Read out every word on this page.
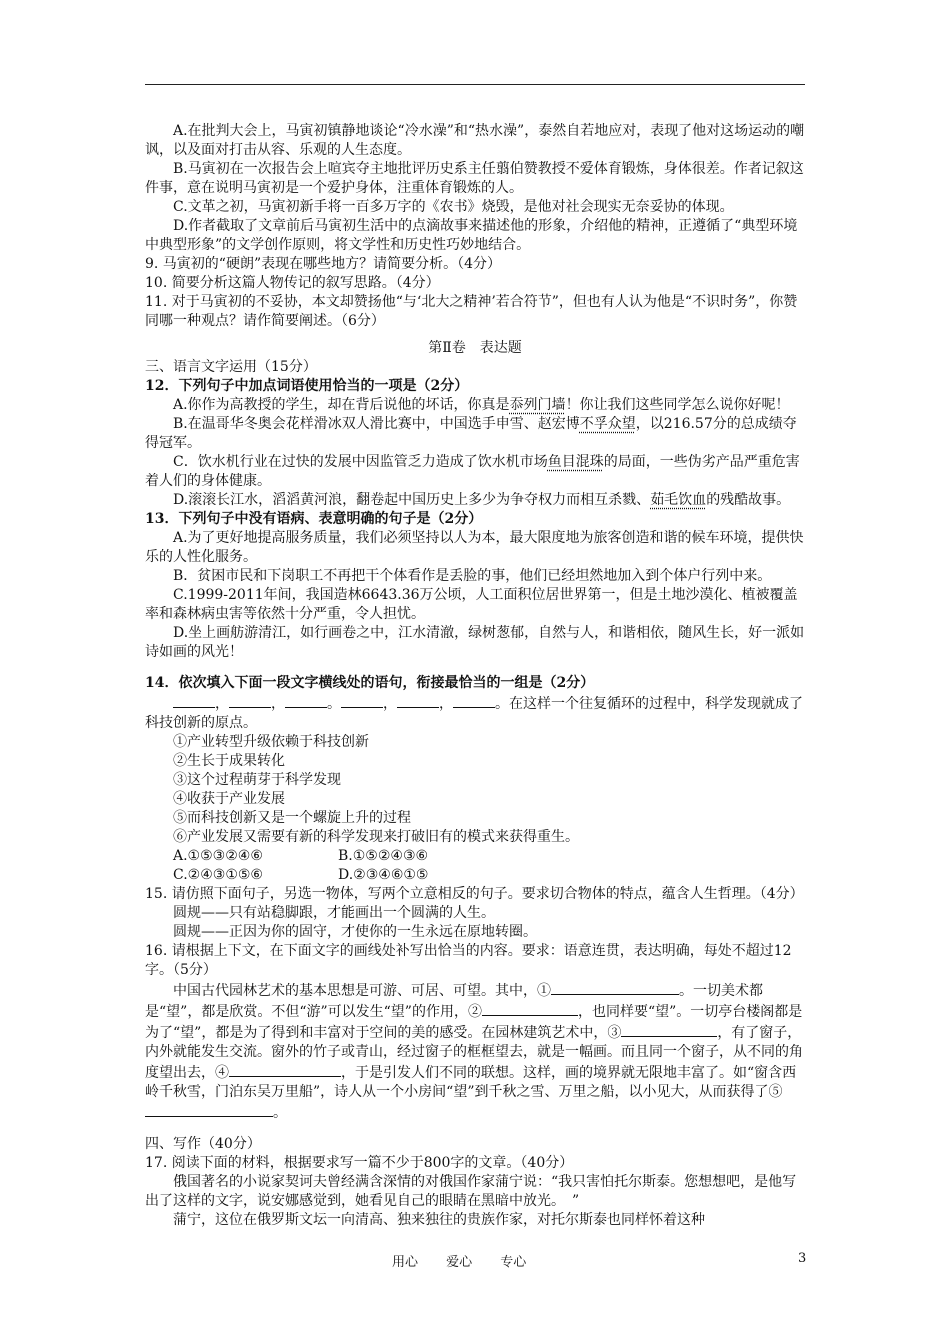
A.在批判大会上，马寅初镇静地谈论“冷水澡”和“热水澡”，泰然自若地应对，表现了他对这场运动的嘲讽，以及面对打击从容、乐观的人生态度。

B.马寅初在一次报告会上喧宾夺主地批评历史系主任翦伯赞教授不爱体育锻炼，身体很差。作者记叙这件事，意在说明马寅初是一个爱护身体，注重体育锻炼的人。

C.文革之初，马寅初新手将一百多万字的《农书》烧毁，是他对社会现实无奈妥协的体现。

D.作者截取了文章前后马寅初生活中的点滴故事来描述他的形象，介绍他的精神，正遵循了“典型环境中典型形象”的文学创作原则，将文学性和历史性巧妙地结合。

9. 马寅初的“硬朗”表现在哪些地方？请简要分析。（4分）

10. 简要分析这篇人物传记的叙写思路。（4分）

11. 对于马寅初的不妥协，本文却赞扬他“与‘北大之精神’若合符节”，但也有人认为他是“不识时务”，你赞同哪一种观点？请作简要阐述。（6分）

第Ⅱ卷　表达题

三、语言文字运用（15分）

12．下列句子中加点词语使用恰当的一项是（2分）

A.你作为高教授的学生，却在背后说他的坏话，你真是忝列门墙！你让我们这些同学怎么说你好呢！

B.在温哥华冬奥会花样滑冰双人滑比赛中，中国选手申雪、赵宏博不孚众望，以216.57分的总成绩夺得冠军。

C．饮水机行业在过快的发展中因监管乏力造成了饮水机市场鱼目混珠的局面，一些伪劣产品严重危害着人们的身体健康。

D.滚滚长江水，滔滔黄河浪，翻卷起中国历史上多少为争夺权力而相互杀戮、茹毛饮血的残酷故事。

13．下列句子中没有语病、表意明确的句子是（2分）

A.为了更好地提高服务质量，我们必须坚持以人为本，最大限度地为旅客创造和谐的候车环境，提供快乐的人性化服务。

B．贫困市民和下岗职工不再把干个体看作是丢脸的事，他们已经坦然地加入到个体户行列中来。

C.1999-2011年间，我国造林6643.36万公顷，人工面积位居世界第一，但是土地沙漠化、植被覆盖率和森林病虫害等依然十分严重，令人担忧。

D.坐上画舫游清江，如行画卷之中，江水清澈，绿树葱郁，自然与人，和谐相依，随风生长，好一派如诗如画的风光！

14．依次填入下面一段文字横线处的语句，衔接最恰当的一组是（2分）

，	，	。	，	，	。在这样一个往复循环的过程中，科学发现就成了科技创新的原点。

①产业转型升级依赖于科技创新

②生长于成果转化

③这个过程萌芽于科学发现

④收获于产业发展

⑤而科技创新又是一个螺旋上升的过程

⑥产业发展又需要有新的科学发现来打破旧有的模式来获得重生。

A.①⑤③②④⑥	B.①⑤②④③⑥
C.②④③①⑤⑥	D.②③④⑥①⑤

15. 请仿照下面句子，另选一物体，写两个立意相反的句子。要求切合物体的特点，蕴含人生哲理。（4分）

圆规——只有站稳脚跟，才能画出一个圆满的人生。

圆规——正因为你的固守，才使你的一生永远在原地转圈。

16. 请根据上下文，在下面文字的画线处补写出恰当的内容。要求：语意连贯，表达明确，每处不超过12字。（5分）

中国古代园林艺术的基本思想是可游、可居、可望。其中，①	。一切美术都是“望”，都是欣赏。不但“游”可以发生“望”的作用，②	，也同样要“望”。一切亭台楼阁都是为了“望”，都是为了得到和丰富对于空间的美的感受。在园林建筑艺术中，③	，有了窗子，内外就能发生交流。窗外的竹子或青山，经过窗子的框框望去，就是一幅画。而且同一个窗子，从不同的角度望出去，④	，于是引发人们不同的联想。这样，画的境界就无限地丰富了。如“窗含西岭千秋雪，门泊东吴万里船”，诗人从一个小房间“望”到千秋之雪、万里之船，以小见大，从而获得了⑤。

四、写作（40分）

17. 阅读下面的材料，根据要求写一篇不少于800字的文章。（40分）

俄国著名的小说家契诃夫曾经满含深情的对俄国作家蒲宁说：“我只害怕托尔斯泰。您想想吧，是他写出了这样的文字，说安娜感觉到，她看见自己的眼睛在黑暗中放光。　”

蒲宁，这位在俄罗斯文坛一向清高、独来独往的贵族作家，对托尔斯泰也同样怀着这种

用心 爱心 专心	3
